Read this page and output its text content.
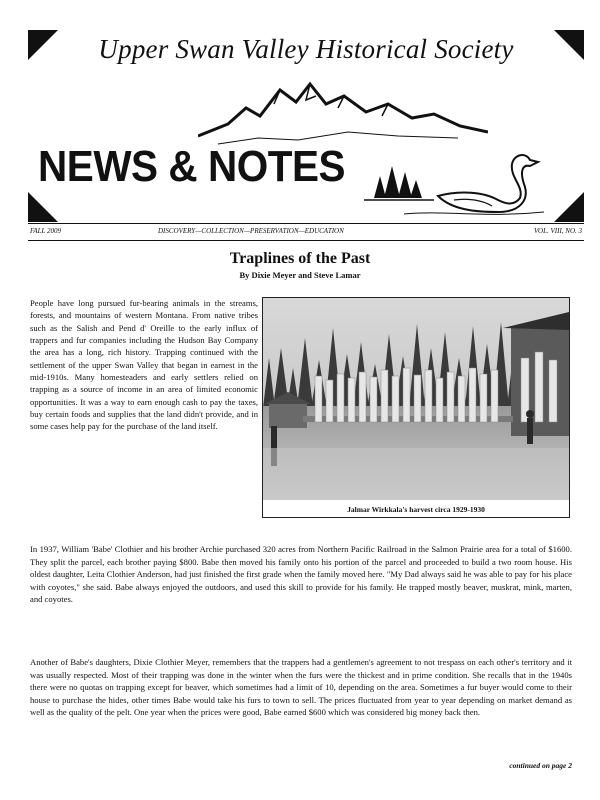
Upper Swan Valley Historical Society
NEWS & NOTES
FALL 2009	DISCOVERY—COLLECTION—PRESERVATION—EDUCATION	VOL. VIII, NO. 3
Traplines of the Past
By Dixie Meyer and Steve Lamar
People have long pursued fur-bearing animals in the streams, forests, and mountains of western Montana. From native tribes such as the Salish and Pend d' Oreille to the early influx of trappers and fur companies including the Hudson Bay Company the area has a long, rich history. Trapping continued with the settlement of the upper Swan Valley that began in earnest in the mid-1910s. Many homesteaders and early settlers relied on trapping as a source of income in an area of limited economic opportunities. It was a way to earn enough cash to pay the taxes, buy certain foods and supplies that the land didn't provide, and in some cases help pay for the purchase of the land itself.
Jalmar Wirkkala's harvest circa 1929-1930
In 1937, William 'Babe' Clothier and his brother Archie purchased 320 acres from Northern Pacific Railroad in the Salmon Prairie area for a total of $1600. They split the parcel, each brother paying $800. Babe then moved his family onto his portion of the parcel and proceeded to build a two room house. His oldest daughter, Leita Clothier Anderson, had just finished the first grade when the family moved here. "My Dad always said he was able to pay for his place with coyotes," she said. Babe always enjoyed the outdoors, and used this skill to provide for his family. He trapped mostly beaver, muskrat, mink, marten, and coyotes.
Another of Babe's daughters, Dixie Clothier Meyer, remembers that the trappers had a gentlemen's agreement to not trespass on each other's territory and it was usually respected. Most of their trapping was done in the winter when the furs were the thickest and in prime condition. She recalls that in the 1940s there were no quotas on trapping except for beaver, which sometimes had a limit of 10, depending on the area. Sometimes a fur buyer would come to their house to purchase the hides, other times Babe would take his furs to town to sell. The prices fluctuated from year to year depending on market demand as well as the quality of the pelt. One year when the prices were good, Babe earned $600 which was considered big money back then.
continued on page 2
